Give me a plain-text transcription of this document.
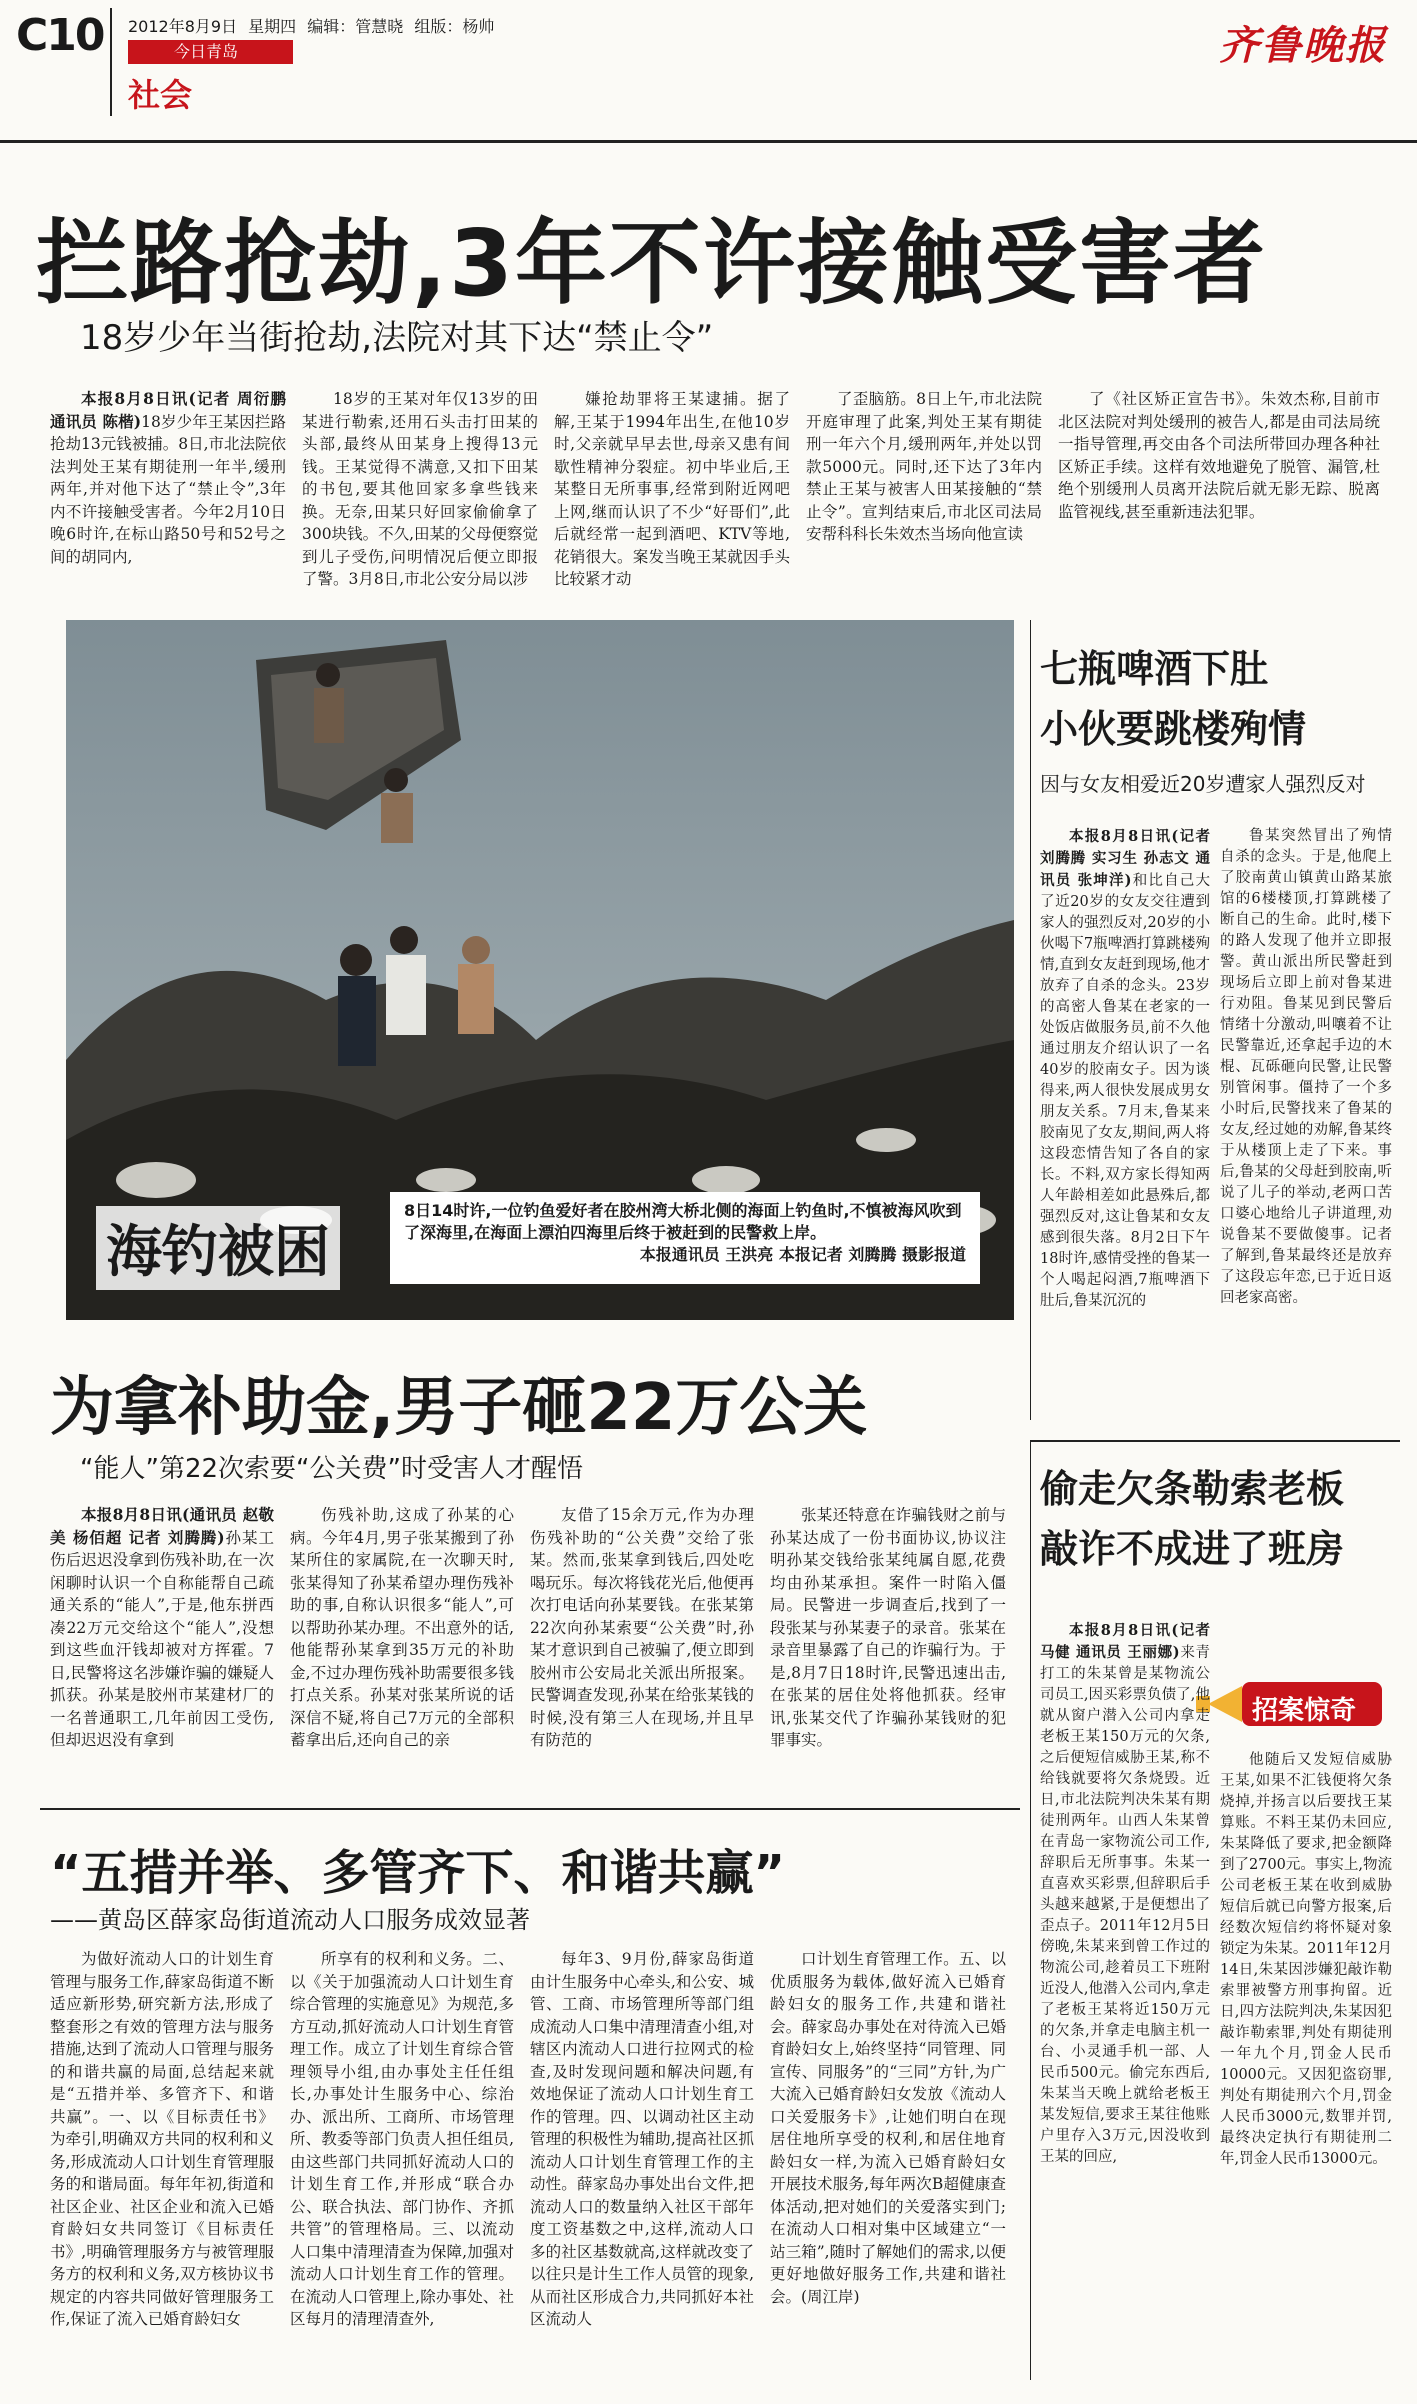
C10 2012年8月9日 星期四 编辑：管慧晓 组版：杨帅
今日青岛
社会
齐鲁晚报
拦路抢劫,3年不许接触受害者
18岁少年当街抢劫,法院对其下达“禁止令”

本报8月8日讯(记者 周衍鹏 通讯员 陈楷)18岁少年王某因拦路抢劫13元钱被捕。8日,市北法院依法判处王某有期徒刑一年半,缓刑两年,并对他下达了“禁止令”,3年内不许接触受害者。今年2月10日晚6时许,在标山路50号和52号之间的胡同内,

18岁的王某对年仅13岁的田某进行勒索,还用石头击打田某的头部,最终从田某身上搜得13元钱。王某觉得不满意,又扣下田某的书包,要其他回家多拿些钱来换。无奈,田某只好回家偷偷拿了300块钱。不久,田某的父母便察觉到儿子受伤,问明情况后便立即报了警。3月8日,市北公安分局以涉

嫌抢劫罪将王某逮捕。据了解,王某于1994年出生,在他10岁时,父亲就早早去世,母亲又患有间歇性精神分裂症。初中毕业后,王某整日无所事事,经常到附近网吧上网,继而认识了不少“好哥们”,此后就经常一起到酒吧、KTV等地,花销很大。案发当晚王某就因手头比较紧才动

了歪脑筋。8日上午,市北法院开庭审理了此案,判处王某有期徒刑一年六个月,缓刑两年,并处以罚款5000元。同时,还下达了3年内禁止王某与被害人田某接触的“禁止令”。宣判结束后,市北区司法局安帮科科长朱效杰当场向他宣读

了《社区矫正宣告书》。朱效杰称,目前市北区法院对判处缓刑的被告人,都是由司法局统一指导管理,再交由各个司法所带回办理各种社区矫正手续。这样有效地避免了脱管、漏管,杜绝个别缓刑人员离开法院后就无影无踪、脱离监管视线,甚至重新违法犯罪。

8日14时许,一位钓鱼爱好者在胶州湾大桥北侧的海面上钓鱼时,不慎被海风吹到了深海里,在海面上漂泊四海里后终于被赶到的民警救上岸。
本报通讯员 王洪亮 本报记者 刘腾腾 摄影报道
海钓被困
七瓶啤酒下肚
小伙要跳楼殉情
因与女友相爱近20岁遭家人强烈反对

本报8月8日讯(记者 刘腾腾 实习生 孙志文 通讯员 张坤洋)和比自己大了近20岁的女友交往遭到家人的强烈反对,20岁的小伙喝下7瓶啤酒打算跳楼殉情,直到女友赶到现场,他才放弃了自杀的念头。23岁的高密人鲁某在老家的一处饭店做服务员,前不久他通过朋友介绍认识了一名40岁的胶南女子。因为谈得来,两人很快发展成男女朋友关系。7月末,鲁某来胶南见了女友,期间,两人将这段恋情告知了各自的家长。不料,双方家长得知两人年龄相差如此悬殊后,都强烈反对,这让鲁某和女友感到很失落。8月2日下午18时许,感情受挫的鲁某一个人喝起闷酒,7瓶啤酒下肚后,鲁某沉沉的

鲁某突然冒出了殉情自杀的念头。于是,他爬上了胶南黄山镇黄山路某旅馆的6楼楼顶,打算跳楼了断自己的生命。此时,楼下的路人发现了他并立即报警。黄山派出所民警赶到现场后立即上前对鲁某进行劝阻。鲁某见到民警后情绪十分激动,叫嚷着不让民警靠近,还拿起手边的木棍、瓦砾砸向民警,让民警别管闲事。僵持了一个多小时后,民警找来了鲁某的女友,经过她的劝解,鲁某终于从楼顶上走了下来。事后,鲁某的父母赶到胶南,听说了儿子的举动,老两口苦口婆心地给儿子讲道理,劝说鲁某不要做傻事。记者了解到,鲁某最终还是放弃了这段忘年恋,已于近日返回老家高密。

为拿补助金,男子砸22万公关
“能人”第22次索要“公关费”时受害人才醒悟

本报8月8日讯(通讯员 赵敬美 杨佰超 记者 刘腾腾)孙某工伤后迟迟没拿到伤残补助,在一次闲聊时认识一个自称能帮自己疏通关系的“能人”,于是,他东拼西凑22万元交给这个“能人”,没想到这些血汗钱却被对方挥霍。7日,民警将这名涉嫌诈骗的嫌疑人抓获。孙某是胶州市某建材厂的一名普通职工,几年前因工受伤,但却迟迟没有拿到

伤残补助,这成了孙某的心病。今年4月,男子张某搬到了孙某所住的家属院,在一次聊天时,张某得知了孙某希望办理伤残补助的事,自称认识很多“能人”,可以帮助孙某办理。不出意外的话,他能帮孙某拿到35万元的补助金,不过办理伤残补助需要很多钱打点关系。孙某对张某所说的话深信不疑,将自己7万元的全部积蓄拿出后,还向自己的亲

友借了15余万元,作为办理伤残补助的“公关费”交给了张某。然而,张某拿到钱后,四处吃喝玩乐。每次将钱花光后,他便再次打电话向孙某要钱。在张某第22次向孙某索要“公关费”时,孙某才意识到自己被骗了,便立即到胶州市公安局北关派出所报案。民警调查发现,孙某在给张某钱的时候,没有第三人在现场,并且早有防范的

张某还特意在诈骗钱财之前与孙某达成了一份书面协议,协议注明孙某交钱给张某纯属自愿,花费均由孙某承担。案件一时陷入僵局。民警进一步调查后,找到了一段张某与孙某妻子的录音。张某在录音里暴露了自己的诈骗行为。于是,8月7日18时许,民警迅速出击,在张某的居住处将他抓获。经审讯,张某交代了诈骗孙某钱财的犯罪事实。

偷走欠条勒索老板
敲诈不成进了班房
招案惊奇

本报8月8日讯(记者 马健 通讯员 王丽娜)来青打工的朱某曾是某物流公司员工,因买彩票负债了,他就从窗户潜入公司内拿走老板王某150万元的欠条,之后便短信威胁王某,称不给钱就要将欠条烧毁。近日,市北法院判决朱某有期徒刑两年。山西人朱某曾在青岛一家物流公司工作,辞职后无所事事。朱某一直喜欢买彩票,但辞职后手头越来越紧,于是便想出了歪点子。2011年12月5日傍晚,朱某来到曾工作过的物流公司,趁着员工下班附近没人,他潜入公司内,拿走了老板王某将近150万元的欠条,并拿走电脑主机一台、小灵通手机一部、人民币500元。偷完东西后,朱某当天晚上就给老板王某发短信,要求王某往他账户里存入3万元,因没收到王某的回应,

他随后又发短信威胁王某,如果不汇钱便将欠条烧掉,并扬言以后要找王某算账。不料王某仍未回应,朱某降低了要求,把金额降到了2700元。事实上,物流公司老板王某在收到威胁短信后就已向警方报案,后经数次短信约将怀疑对象锁定为朱某。2011年12月14日,朱某因涉嫌犯敲诈勒索罪被警方刑事拘留。近日,四方法院判决,朱某因犯敲诈勒索罪,判处有期徒刑一年九个月,罚金人民币10000元。又因犯盗窃罪,判处有期徒刑六个月,罚金人民币3000元,数罪并罚,最终决定执行有期徒刑二年,罚金人民币13000元。

“五措并举、多管齐下、和谐共赢”
——黄岛区薛家岛街道流动人口服务成效显著

为做好流动人口的计划生育管理与服务工作,薛家岛街道不断适应新形势,研究新方法,形成了整套形之有效的管理方法与服务措施,达到了流动人口管理与服务的和谐共赢的局面,总结起来就是“五措并举、多管齐下、和谐共赢”。一、以《目标责任书》为牵引,明确双方共同的权利和义务,形成流动人口计划生育管理服务的和谐局面。每年年初,街道和社区企业、社区企业和流入已婚育龄妇女共同签订《目标责任书》,明确管理服务方与被管理服务方的权利和义务,双方核协议书规定的内容共同做好管理服务工作,保证了流入已婚育龄妇女

所享有的权利和义务。二、以《关于加强流动人口计划生育综合管理的实施意见》为规范,多方互动,抓好流动人口计划生育管理工作。成立了计划生育综合管理领导小组,由办事处主任任组长,办事处计生服务中心、综治办、派出所、工商所、市场管理所、教委等部门负责人担任组员,由这些部门共同抓好流动人口的计划生育工作,并形成“联合办公、联合执法、部门协作、齐抓共管”的管理格局。三、以流动人口集中清理清查为保障,加强对流动人口计划生育工作的管理。在流动人口管理上,除办事处、社区每月的清理清查外,

每年3、9月份,薛家岛街道由计生服务中心牵头,和公安、城管、工商、市场管理所等部门组成流动人口集中清理清查小组,对辖区内流动人口进行拉网式的检查,及时发现问题和解决问题,有效地保证了流动人口计划生育工作的管理。四、以调动社区主动管理的积极性为辅助,提高社区抓流动人口计划生育管理工作的主动性。薛家岛办事处出台文件,把流动人口的数量纳入社区干部年度工资基数之中,这样,流动人口多的社区基数就高,这样就改变了以往只是计生工作人员管的现象,从而社区形成合力,共同抓好本社区流动人

口计划生育管理工作。五、以优质服务为载体,做好流入已婚育龄妇女的服务工作,共建和谐社会。薛家岛办事处在对待流入已婚育龄妇女上,始终坚持“同管理、同宣传、同服务”的“三同”方针,为广大流入已婚育龄妇女发放《流动人口关爱服务卡》,让她们明白在现居住地所享受的权利,和居住地育龄妇女一样,为流入已婚育龄妇女开展技术服务,每年两次B超健康查体活动,把对她们的关爱落实到门;在流动人口相对集中区域建立“一站三箱”,随时了解她们的需求,以便更好地做好服务工作,共建和谐社会。(周江岸)
